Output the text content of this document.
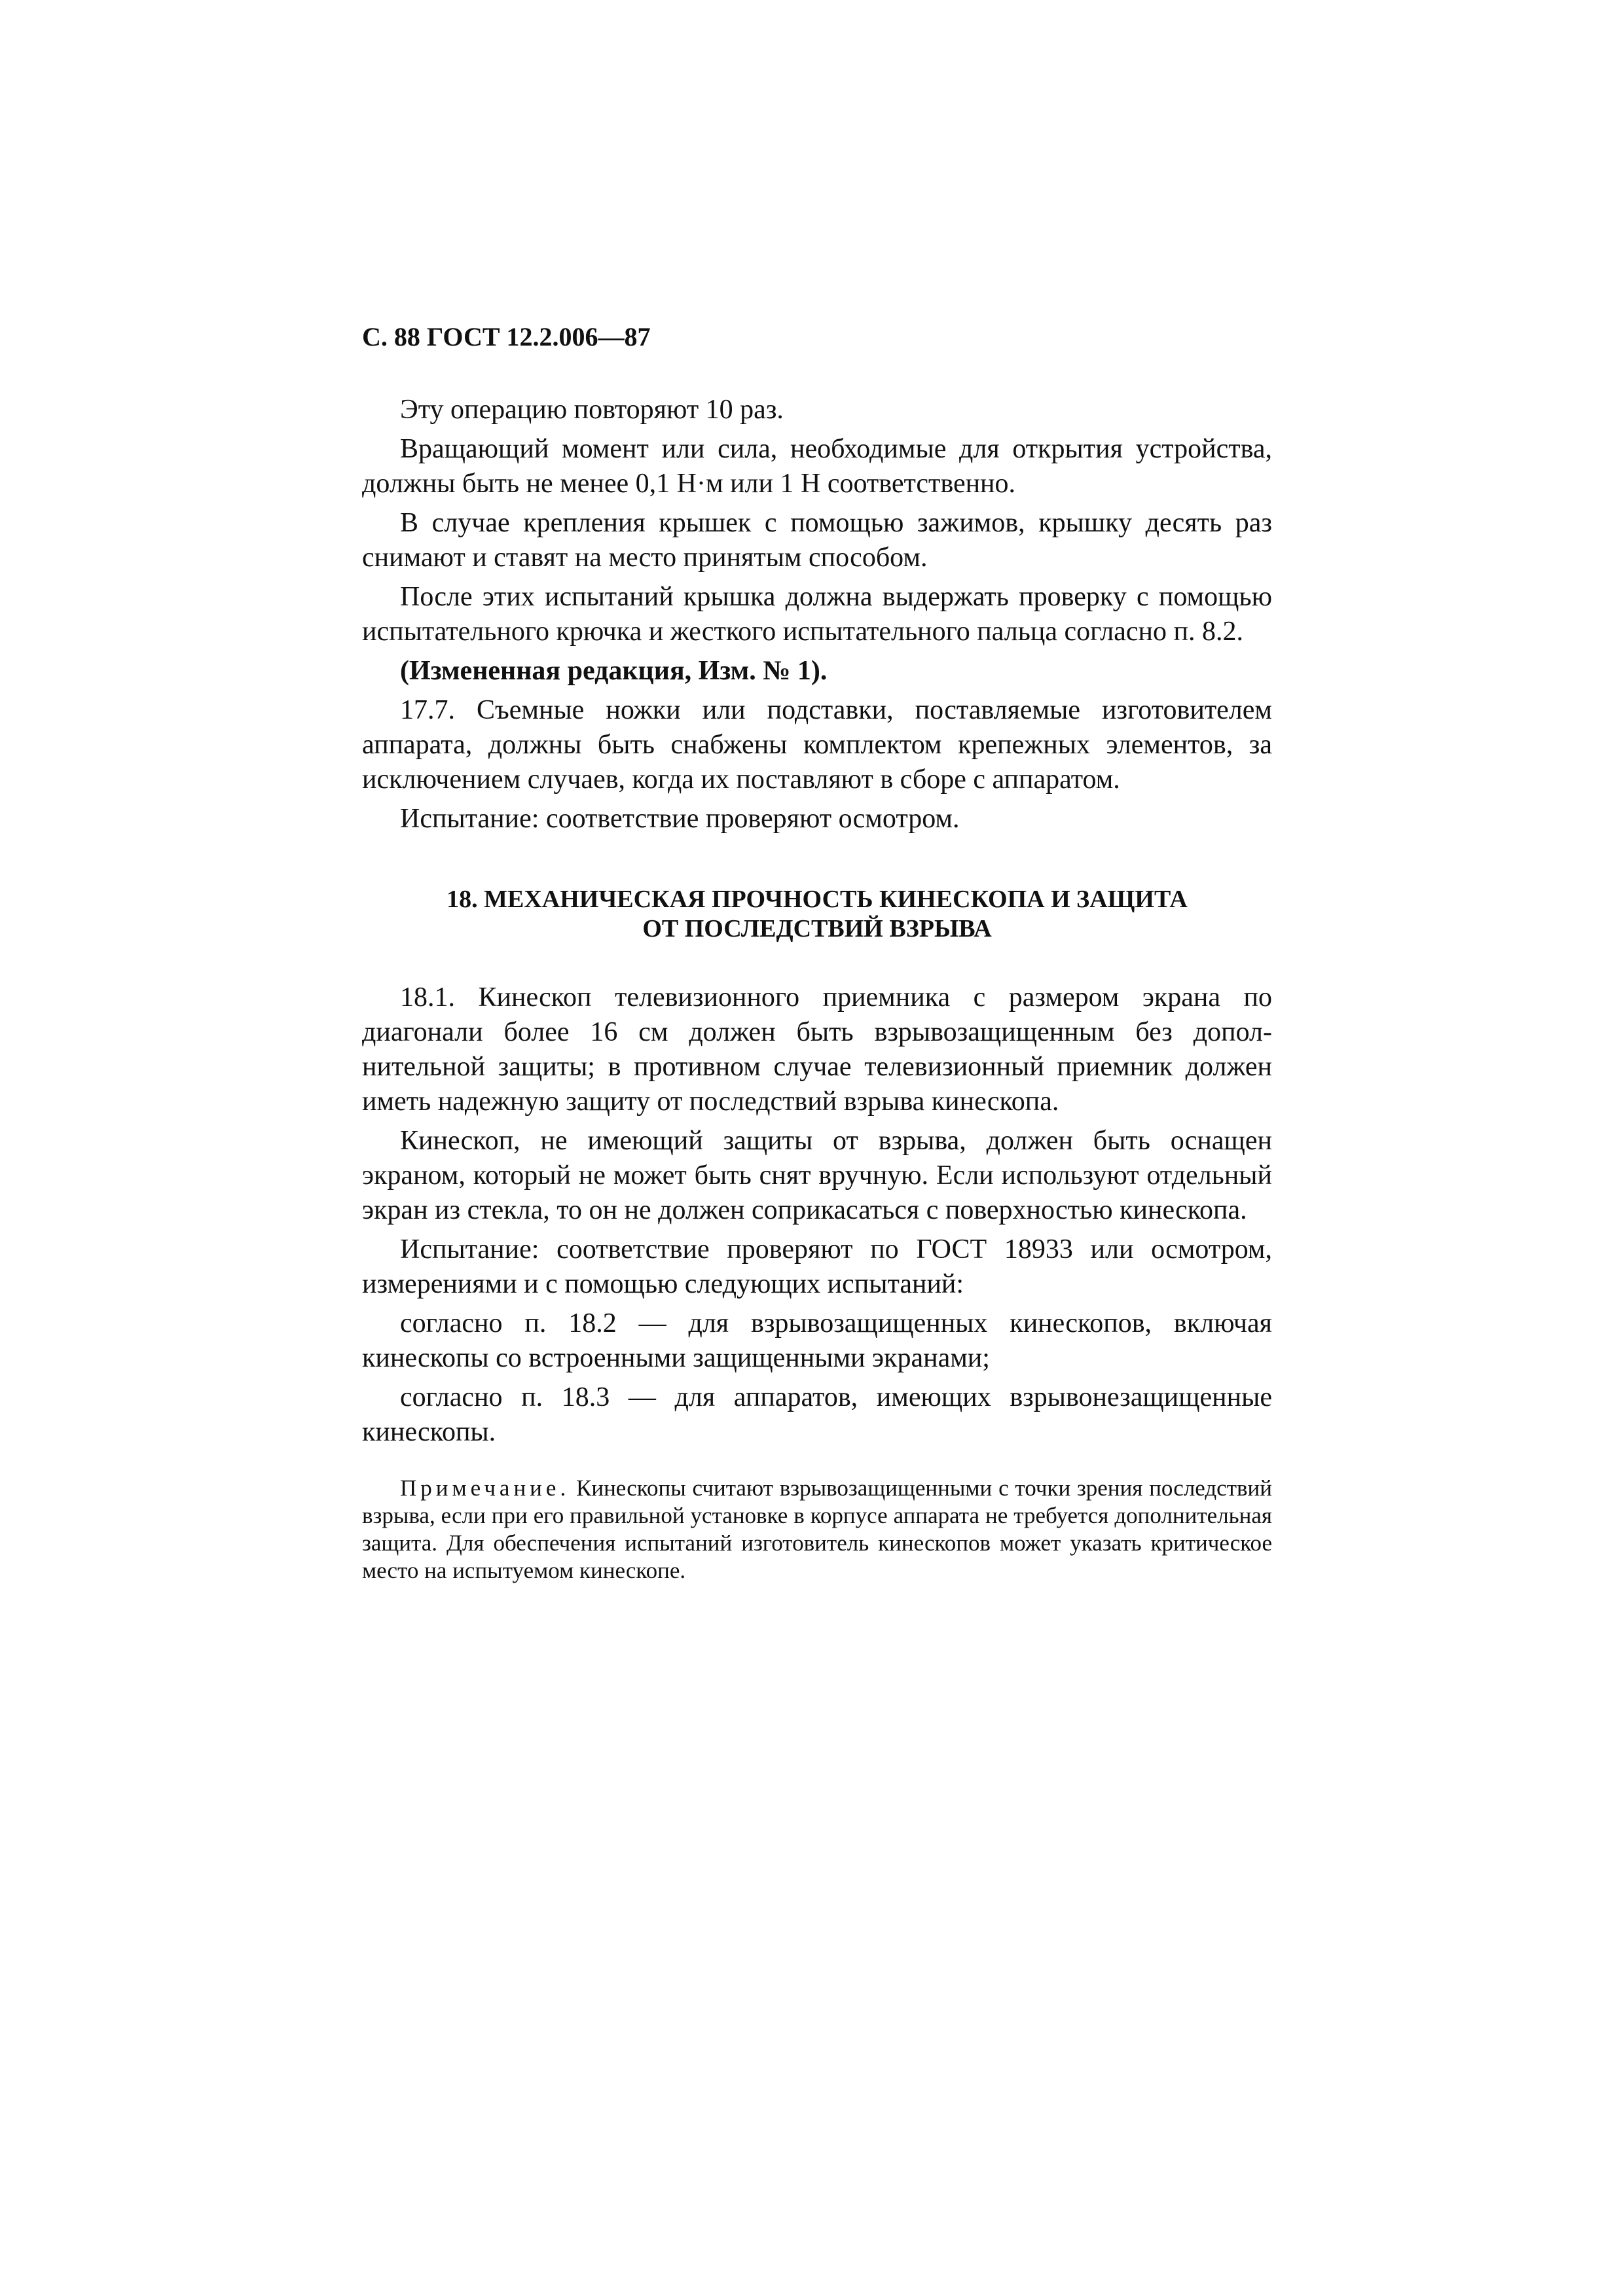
С. 88 ГОСТ 12.2.006—87

Эту операцию повторяют 10 раз.

Вращающий момент или сила, необходимые для открытия устройства, должны быть не менее 0,1 Н·м или 1 Н соответственно.

В случае крепления крышек с помощью зажимов, крышку десять раз снимают и ставят на место принятым способом.

После этих испытаний крышка должна выдержать проверку с помощью испытательного крючка и жесткого испытательного пальца согласно п. 8.2.

(Измененная редакция, Изм. № 1).

17.7. Съемные ножки или подставки, поставляемые изготовителем аппарата, должны быть снабжены комплектом крепежных элементов, за исключением случаев, когда их поставляют в сборе с аппаратом.

Испытание: соответствие проверяют осмотром.

18. МЕХАНИЧЕСКАЯ ПРОЧНОСТЬ КИНЕСКОПА И ЗАЩИТА
ОТ ПОСЛЕДСТВИЙ ВЗРЫВА

18.1. Кинескоп телевизионного приемника с размером экрана по диагонали более 16 см должен быть взрывозащищенным без дополнительной защиты; в противном случае телевизионный приемник должен иметь надежную защиту от последствий взрыва кинескопа.

Кинескоп, не имеющий защиты от взрыва, должен быть оснащен экраном, который не может быть снят вручную. Если используют отдельный экран из стекла, то он не должен соприкасаться с поверхностью кинескопа.

Испытание: соответствие проверяют по ГОСТ 18933 или осмотром, измерениями и с помощью следующих испытаний:

согласно п. 18.2 — для взрывозащищенных кинескопов, включая кинескопы со встроенными защищенными экранами;

согласно п. 18.3 — для аппаратов, имеющих взрывонезащищенные кинескопы.

Примечание. Кинескопы считают взрывозащищенными с точки зрения последствий взрыва, если при его правильной установке в корпусе аппарата не требуется дополнительная защита. Для обеспечения испытаний изготовитель кинескопов может указать критическое место на испытуемом кинескопе.
